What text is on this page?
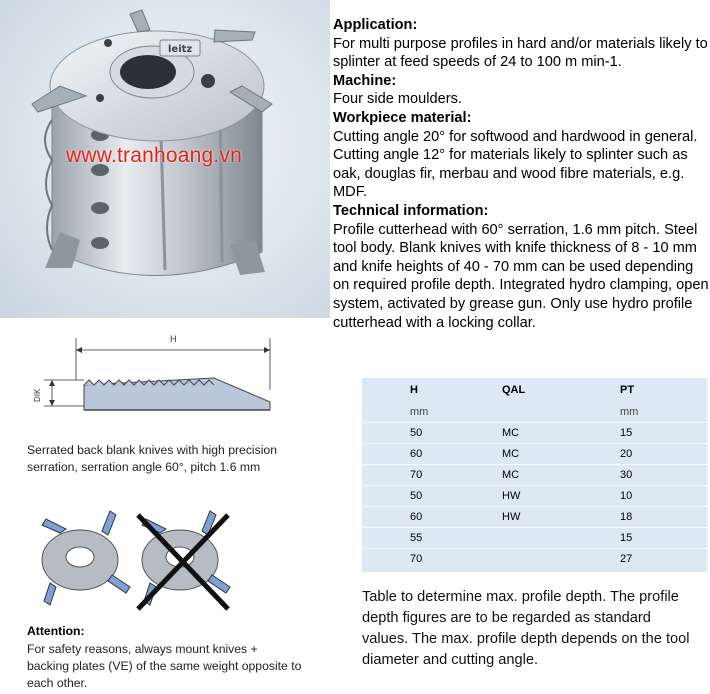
leitz
www.tranhoang.vn

Application:

For multi purpose profiles in hard and/or materials likely to splinter at feed speeds of 24 to 100 m min-1.

Machine:

Four side moulders.

Workpiece material:

Cutting angle 20° for softwood and hardwood in general.

Cutting angle 12° for materials likely to splinter such as oak, douglas fir, merbau and wood fibre materials, e.g. MDF.

Technical information:

Profile cutterhead with 60° serration, 1.6 mm pitch. Steel tool body. Blank knives with knife thickness of 8 - 10 mm and knife heights of 40 - 70 mm can be used depending on required profile depth. Integrated hydro clamping, open system, activated by grease gun. Only use hydro profile cutterhead with a locking collar.

H	QAL	PT
mm		mm
50	MC	15
60	MC	20
70	MC	30
50	HW	10
60	HW	18
55		15
70		27
Table to determine max. profile depth. The profile depth figures are to be regarded as standard values. The max. profile depth depends on the tool diameter and cutting angle.
H
DIK
Serrated back blank knives with high precision serration, serration angle 60°, pitch 1.6 mm
Attention:
For safety reasons, always mount knives + backing plates (VE) of the same weight opposite to each other.
